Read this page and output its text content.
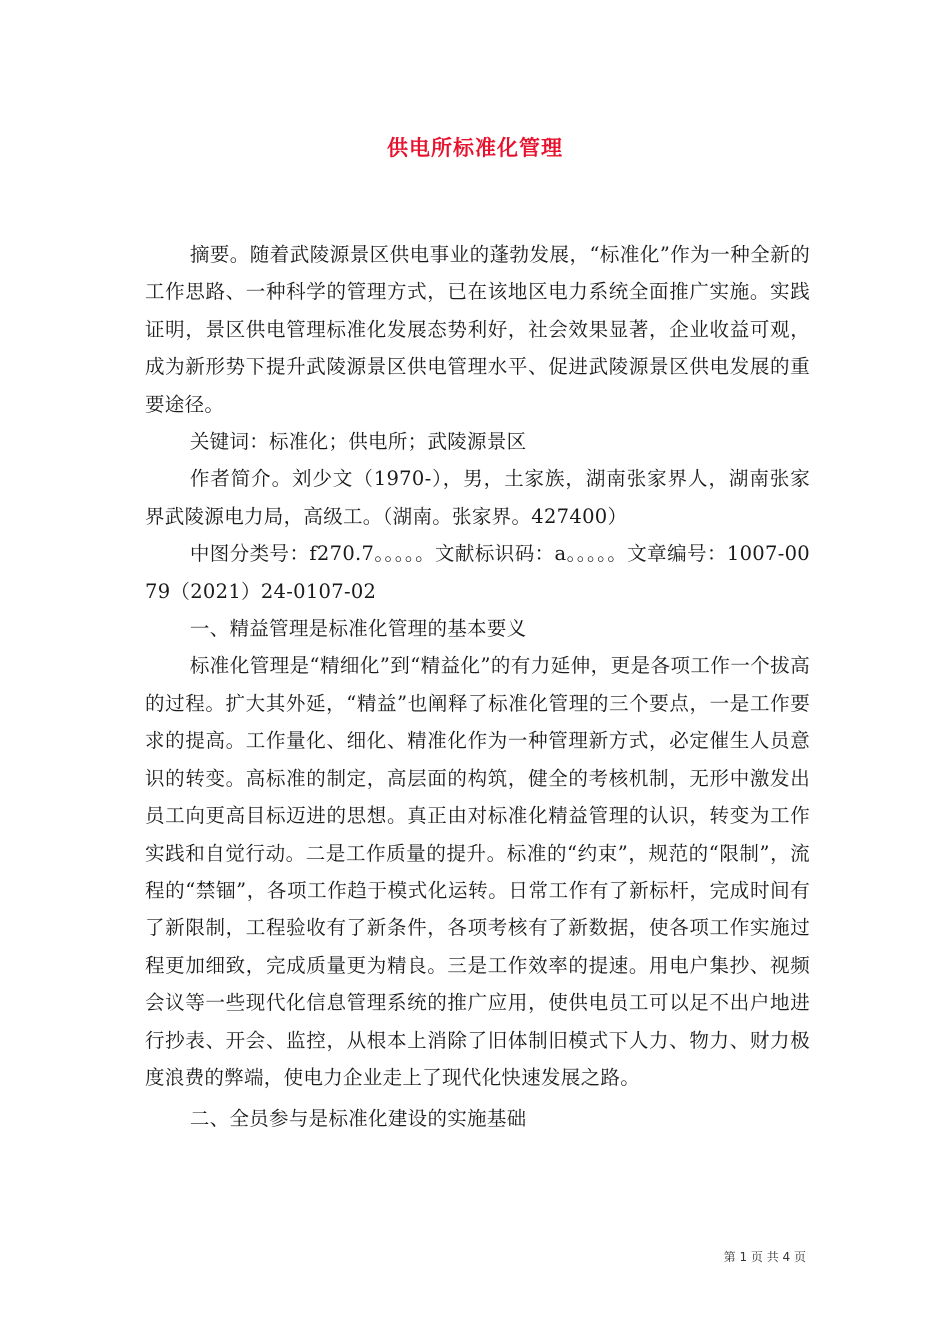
供电所标准化管理

摘要。随着武陵源景区供电事业的蓬勃发展，“标准化”作为一种全新的工作思路、一种科学的管理方式，已在该地区电力系统全面推广实施。实践证明，景区供电管理标准化发展态势利好，社会效果显著，企业收益可观，成为新形势下提升武陵源景区供电管理水平、促进武陵源景区供电发展的重要途径。

关键词：标准化；供电所；武陵源景区

作者简介。刘少文（1970-），男，土家族，湖南张家界人，湖南张家界武陵源电力局，高级工。（湖南。张家界。427400）

中图分类号：f270.7。。。。。文献标识码：a。。。。。文章编号：1007-0079（2021）24-0107-02

一、精益管理是标准化管理的基本要义

标准化管理是“精细化”到“精益化”的有力延伸，更是各项工作一个拔高的过程。扩大其外延，“精益”也阐释了标准化管理的三个要点，一是工作要求的提高。工作量化、细化、精准化作为一种管理新方式，必定催生人员意识的转变。高标准的制定，高层面的构筑，健全的考核机制，无形中激发出员工向更高目标迈进的思想。真正由对标准化精益管理的认识，转变为工作实践和自觉行动。二是工作质量的提升。标准的“约束”，规范的“限制”，流程的“禁锢”，各项工作趋于模式化运转。日常工作有了新标杆，完成时间有了新限制，工程验收有了新条件，各项考核有了新数据，使各项工作实施过程更加细致，完成质量更为精良。三是工作效率的提速。用电户集抄、视频会议等一些现代化信息管理系统的推广应用，使供电员工可以足不出户地进行抄表、开会、监控，从根本上消除了旧体制旧模式下人力、物力、财力极度浪费的弊端，使电力企业走上了现代化快速发展之路。

二、全员参与是标准化建设的实施基础

第 1 页 共 4 页
